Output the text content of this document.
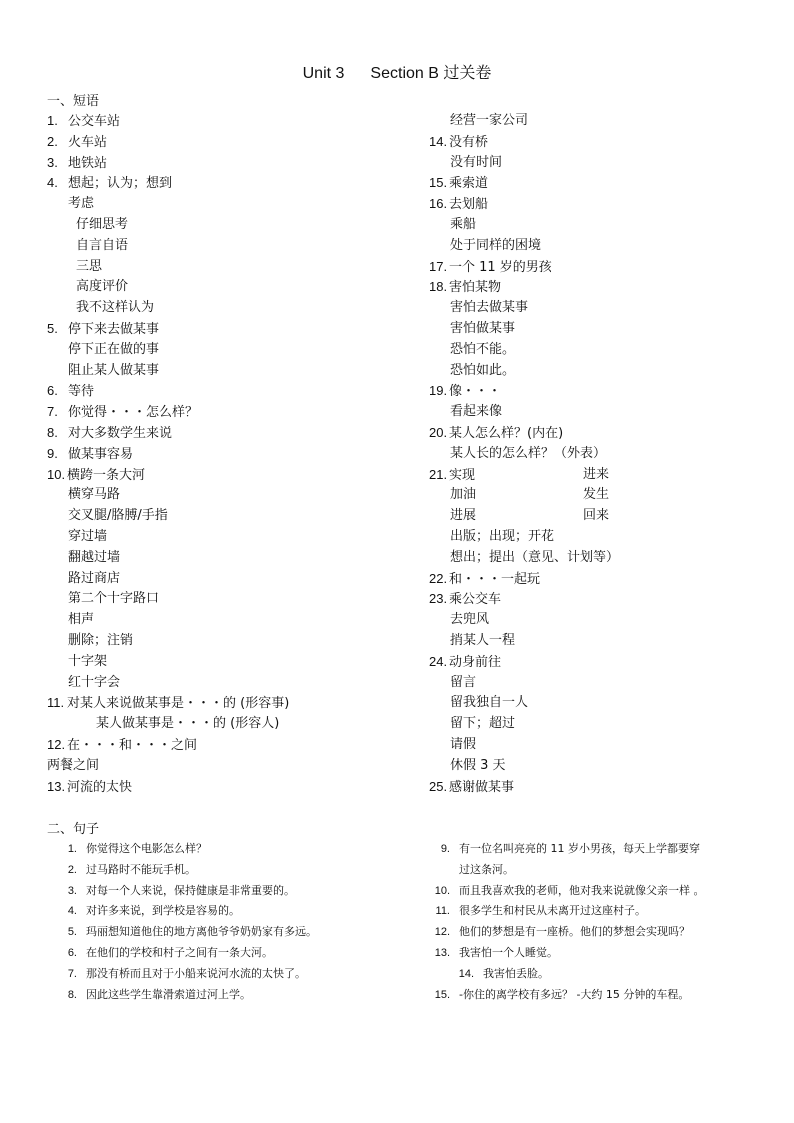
Unit 3 Section B 过关卷
一、短语
1. 公交车站
2. 火车站
3. 地铁站
4. 想起；认为；想到
考虑
仔细思考
自言自语
三思
高度评价
我不这样认为
5. 停下来去做某事
停下正在做的事
阻止某人做某事
6. 等待
7. 你觉得・・・怎么样？
8. 对大多数学生来说
9. 做某事容易
10. 横跨一条大河
横穿马路
交叉腿/胳膊/手指
穿过墙
翻越过墙
路过商店
第二个十字路口
相声
删除；注销
十字架
红十字会
11. 对某人来说做某事是・・・的 (形容事)
某人做某事是・・・的 (形容人)
12. 在・・・和・・・之间
两餐之间
13. 河流的太快
经营一家公司
14. 没有桥
没有时间
15. 乘索道
16. 去划船
乘船
处于同样的困境
17. 一个 11 岁的男孩
18. 害怕某物
害怕去做某事
害怕做某事
恐怕不能。
恐怕如此。
19. 像・・・
看起来像
20. 某人怎么样？(内在)
某人长的怎么样？（外表）
21. 实现	进来
加油	发生
进展	回来
出版；出现；开花
想出；提出（意见、计划等）
22. 和・・・一起玩
23. 乘公交车
去兜风
捎某人一程
24. 动身前往
留言
留我独自一人
留下；超过
请假
休假 3 天
25. 感谢做某事
二、句子
1. 你觉得这个电影怎么样？
2. 过马路时不能玩手机。
3. 对每一个人来说，保持健康是非常重要的。
4. 对许多来说，到学校是容易的。
5. 玛丽想知道他住的地方离他爷爷奶奶家有多远。
6. 在他们的学校和村子之间有一条大河。
7. 那没有桥而且对于小船来说河水流的太快了。
8. 因此这些学生靠滑索道过河上学。
9. 有一位名叫亮亮的 11 岁小男孩，每天上学都要穿
过这条河。
10. 而且我喜欢我的老师，他对我来说就像父亲一样 。
11. 很多学生和村民从未离开过这座村子。
12. 他们的梦想是有一座桥。他们的梦想会实现吗？
13. 我害怕一个人睡觉。
14. 我害怕丢脸。
15. -你住的离学校有多远？ -大约 15 分钟的车程。
